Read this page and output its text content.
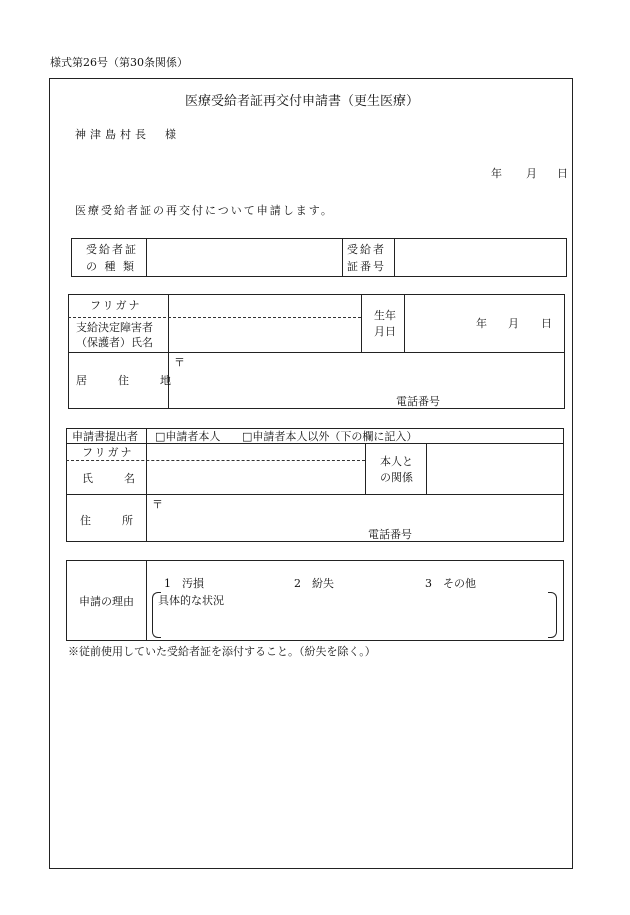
様式第26号（第30条関係）
医療受給者証再交付申請書（更生医療）
神津島村長　様
年 月 日
医療受給者証の再交付について申請します。
受給者証
の 種 類
受給者
証番号
フリガナ
支給決定障害者
（保護者）氏名
生年
月日
年 月 日
居　住　地
〒
電話番号
申請書提出者 □申請者本人 □申請者本人以外（下の欄に記入）
フリガナ
氏　名
本人と
の関係
住　所
〒
電話番号
申請の理由
1　汚損	2　紛失	3　その他
具体的な状況
※従前使用していた受給者証を添付すること。（紛失を除く。）
